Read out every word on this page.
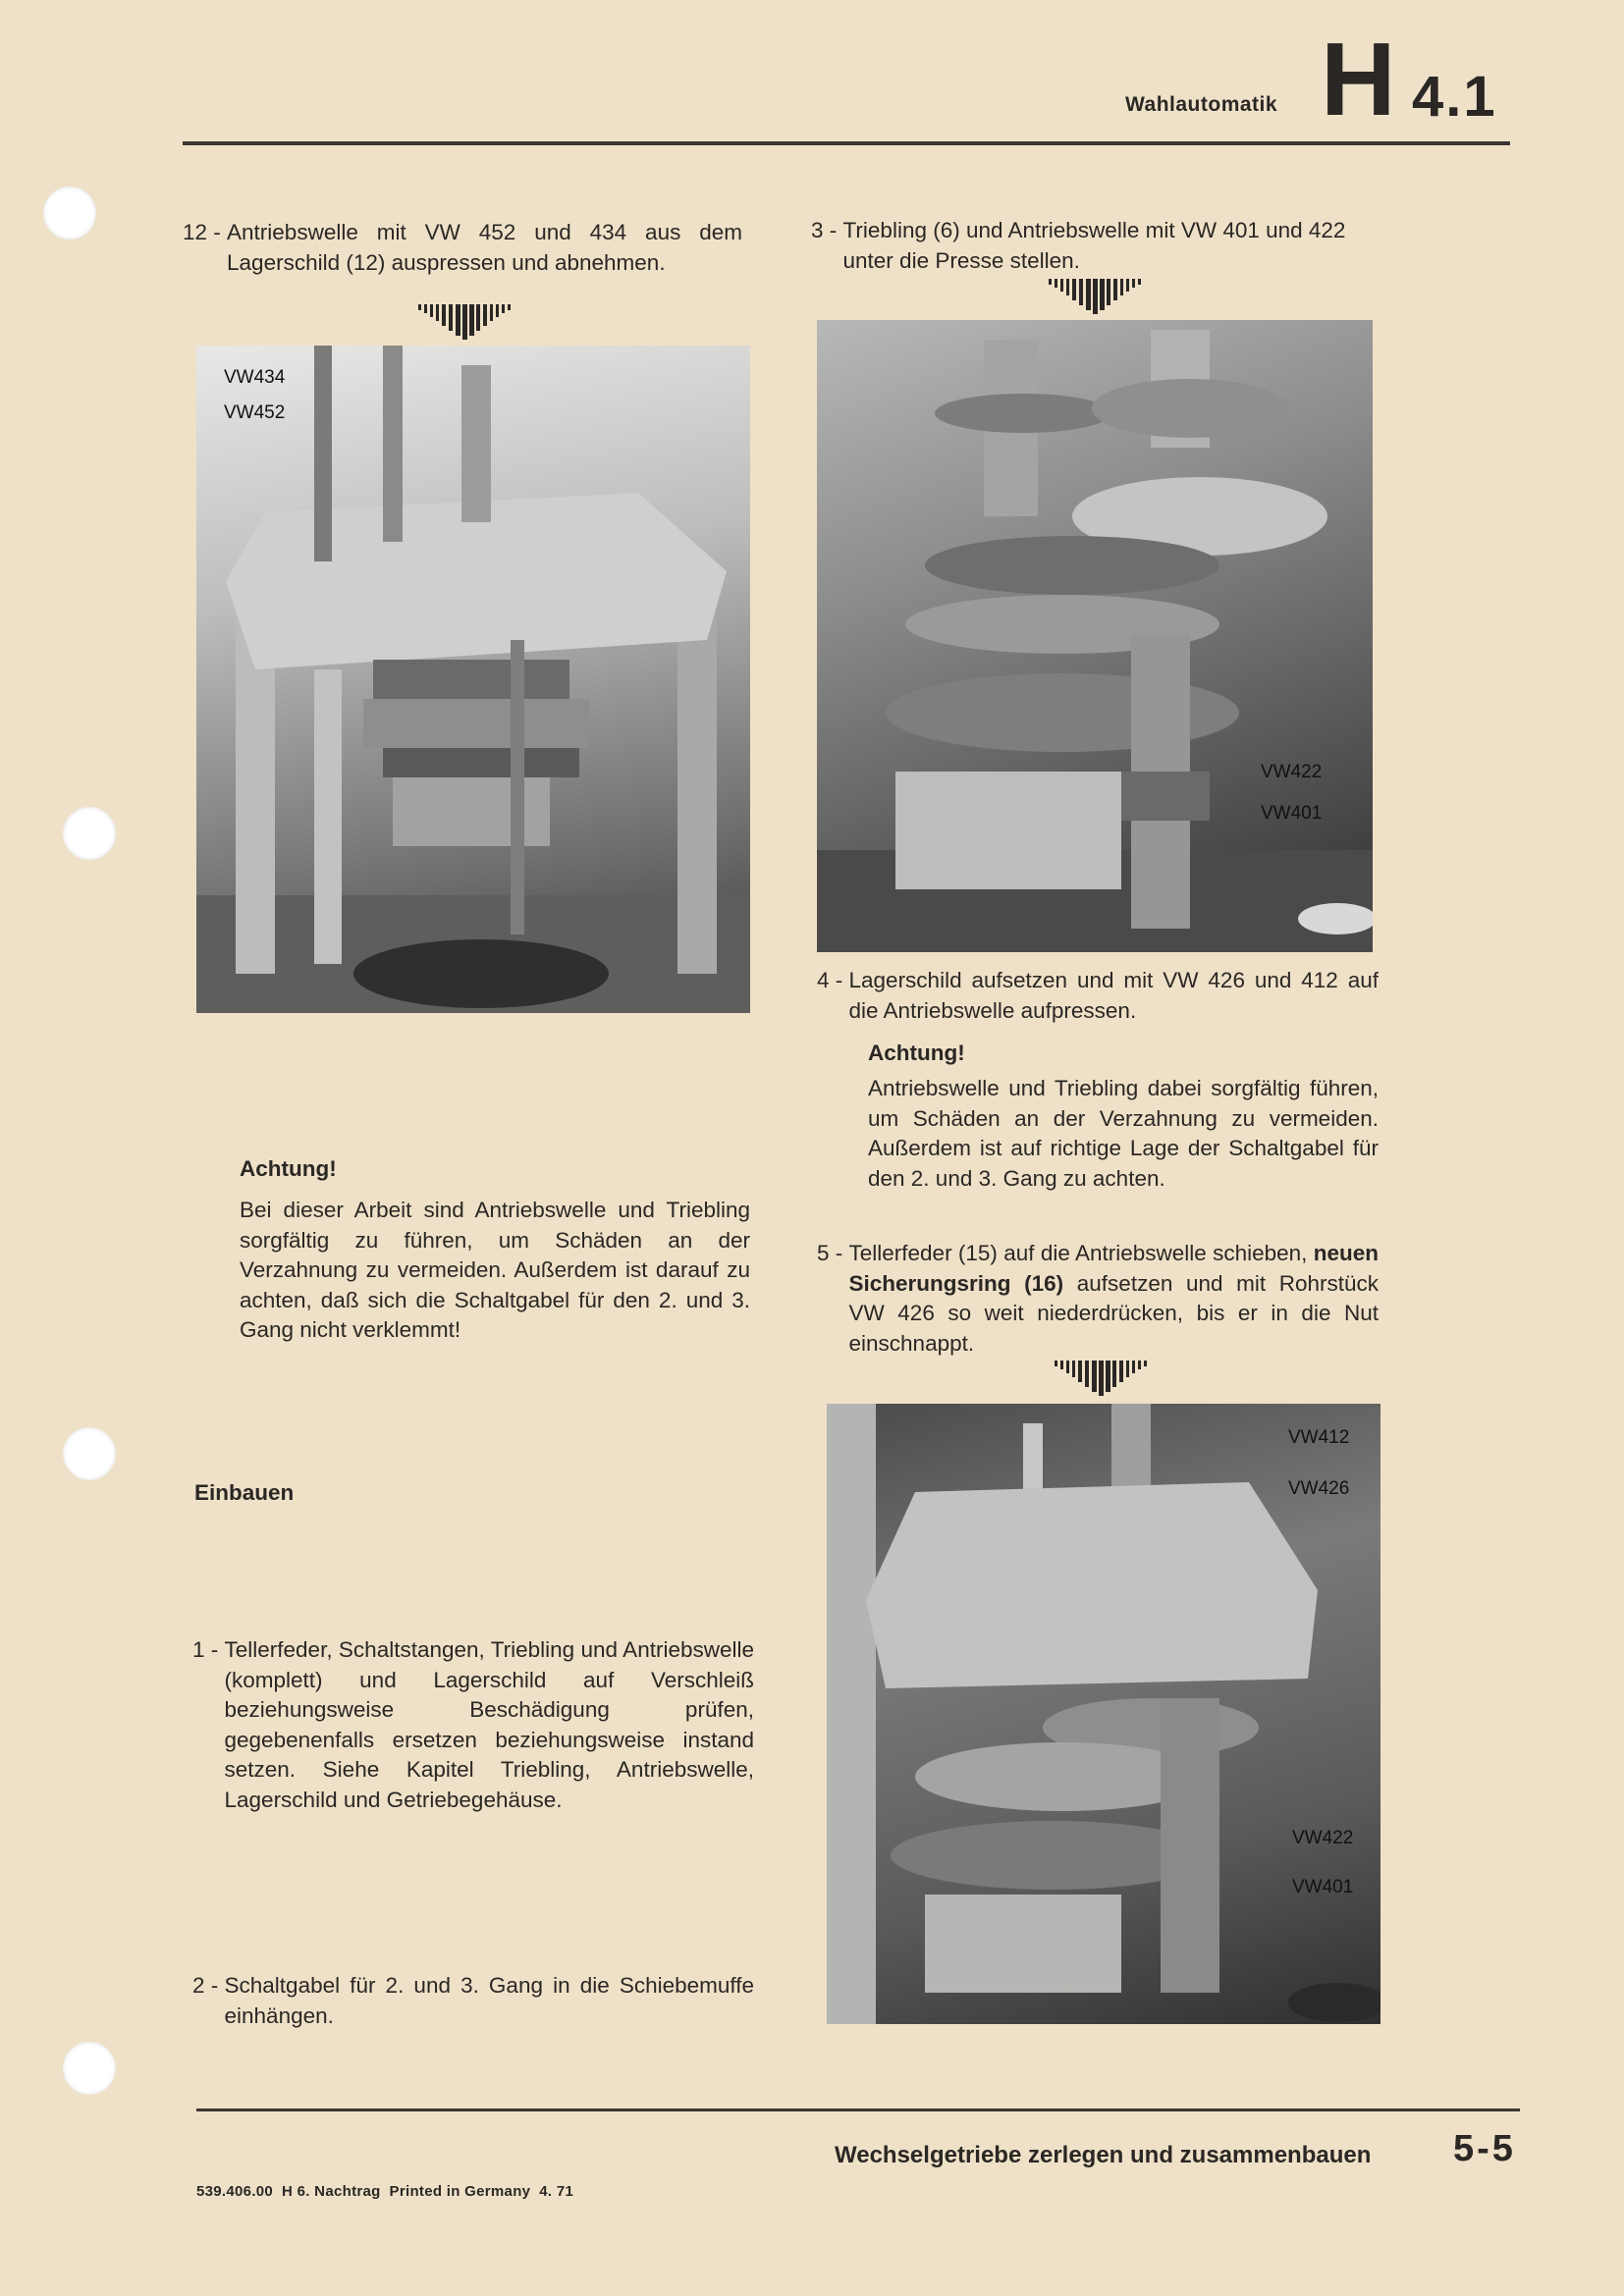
Wahlautomatik H 4.1
12 - Antriebswelle mit VW 452 und 434 aus dem Lagerschild (12) auspressen und abnehmen.
VW434
VW452
Achtung!
Bei dieser Arbeit sind Antriebswelle und Triebling sorgfältig zu führen, um Schäden an der Verzahnung zu vermeiden. Außerdem ist darauf zu achten, daß sich die Schaltgabel für den 2. und 3. Gang nicht verklemmt!
Einbauen
1 - Tellerfeder, Schaltstangen, Triebling und Antriebswelle (komplett) und Lagerschild auf Verschleiß beziehungsweise Beschädigung prüfen, gegebenenfalls ersetzen beziehungsweise instand setzen. Siehe Kapitel Triebling, Antriebswelle, Lagerschild und Getriebegehäuse.
2 - Schaltgabel für 2. und 3. Gang in die Schiebemuffe einhängen.
3 - Triebling (6) und Antriebswelle mit VW 401 und 422 unter die Presse stellen.
VW422
VW401
4 - Lagerschild aufsetzen und mit VW 426 und 412 auf die Antriebswelle aufpressen.
Achtung!
Antriebswelle und Triebling dabei sorgfältig führen, um Schäden an der Verzahnung zu vermeiden. Außerdem ist auf richtige Lage der Schaltgabel für den 2. und 3. Gang zu achten.
5 - Tellerfeder (15) auf die Antriebswelle schieben, neuen Sicherungsring (16) aufsetzen und mit Rohrstück VW 426 so weit niederdrücken, bis er in die Nut einschnappt.
VW412
VW426
VW422
VW401
Wechselgetriebe zerlegen und zusammenbauen 5-5
539.406.00  H 6. Nachtrag  Printed in Germany  4. 71
